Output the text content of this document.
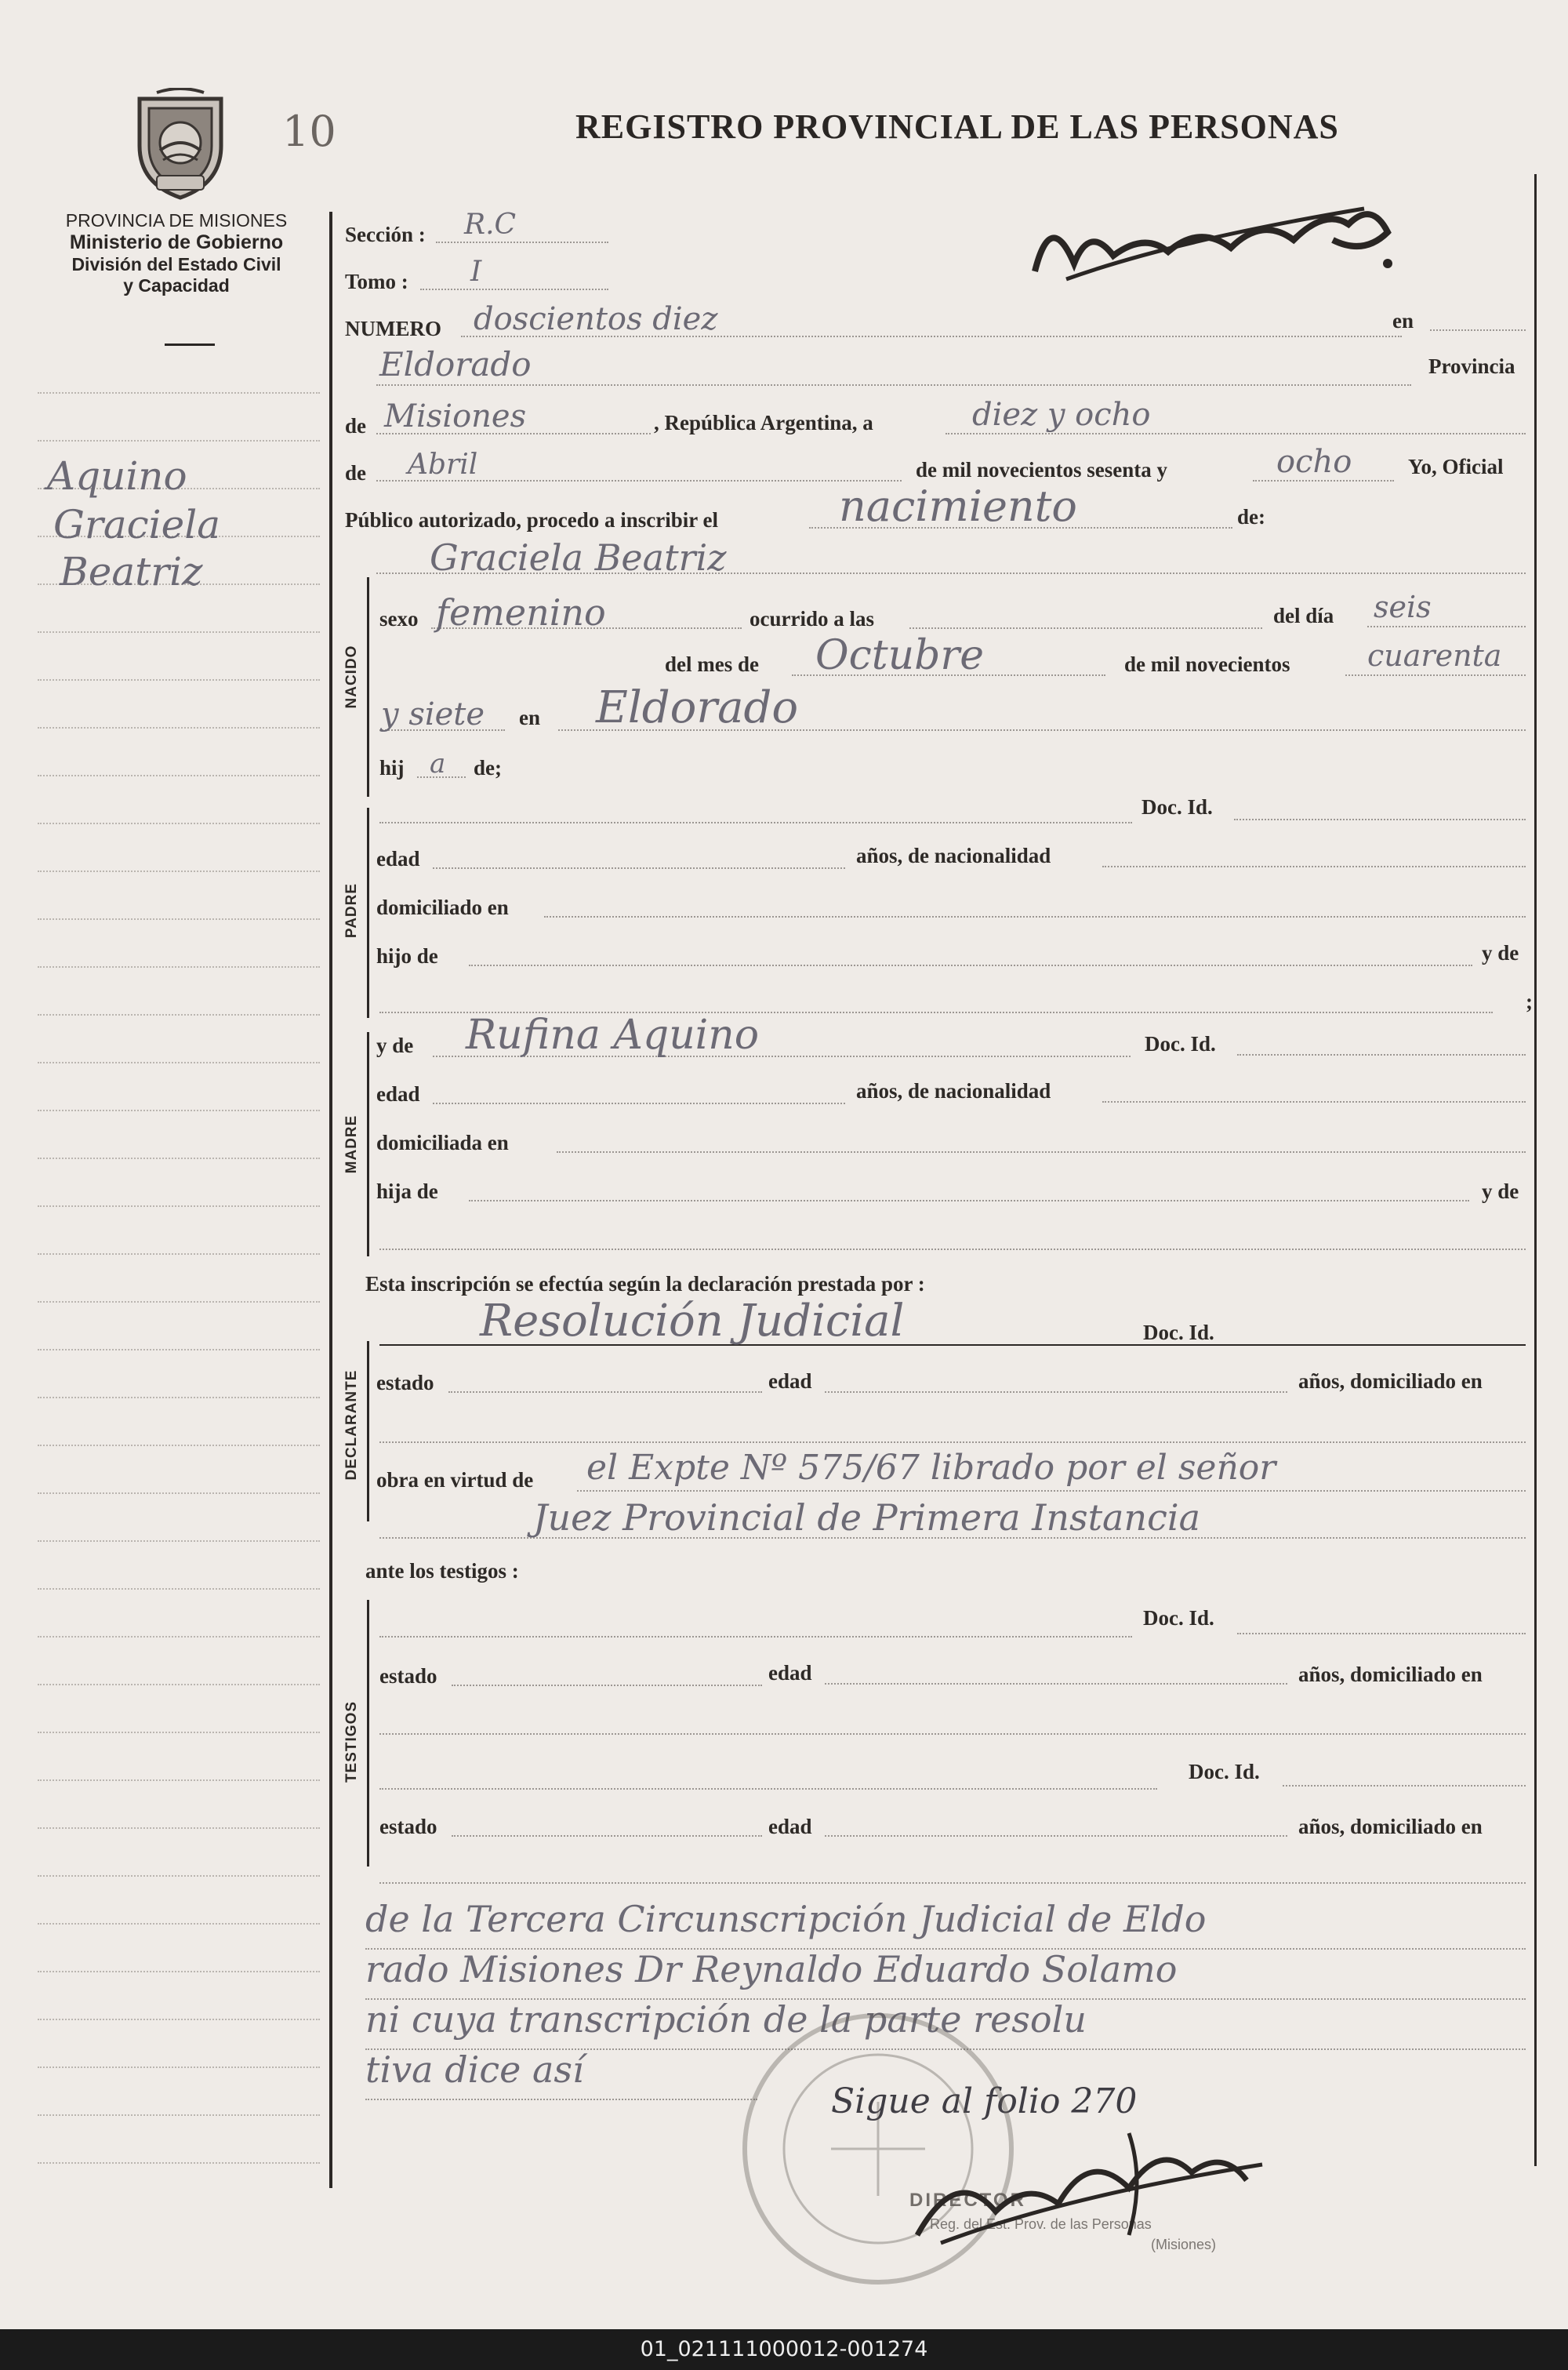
10	REGISTRO PROVINCIAL DE LAS PERSONAS
PROVINCIA DE MISIONES
Ministerio de Gobierno
División del Estado Civil
y Capacidad
Aquino
Graciela
Beatriz
Sección : R.C
Tomo : I
NUMERO doscientos diez	en
Eldorado	Provincia
de Misiones	, República Argentina, a	diez y ocho
de Abril	de mil novecientos sesenta y	ocho	Yo, Oficial
Público autorizado, procedo a inscribir el	nacimiento	de:
NACIDO
Graciela Beatriz
sexo femenino	ocurrido a las	del día seis
del mes de Octubre	de mil novecientos	cuarenta
y siete en Eldorado
hij a de;
PADRE
Doc. Id.
edad	años, de nacionalidad
domiciliado en
hijo de	y de
;
MADRE
y de Rufina Aquino	Doc. Id.
edad	años, de nacionalidad
domiciliada en
hija de	y de
Esta inscripción se efectúa según la declaración prestada por :
DECLARANTE
Resolución Judicial	Doc. Id.
estado	edad	años, domiciliado en
obra en virtud de el Expte Nº 575/67 librado por el señor
Juez Provincial de Primera Instancia
ante los testigos :
TESTIGOS
Doc. Id.
estado	edad	años, domiciliado en
Doc. Id.
estado	edad	años, domiciliado en
de la Tercera Circunscripción Judicial de Eldo
rado Misiones Dr Reynaldo Eduardo Solamo
ni cuya transcripción de la parte resolu
tiva dice así
Sigue al folio 270
DIRECTOR
Reg. del Est. Prov. de las Personas
(Misiones)
01_021111000012-001274
